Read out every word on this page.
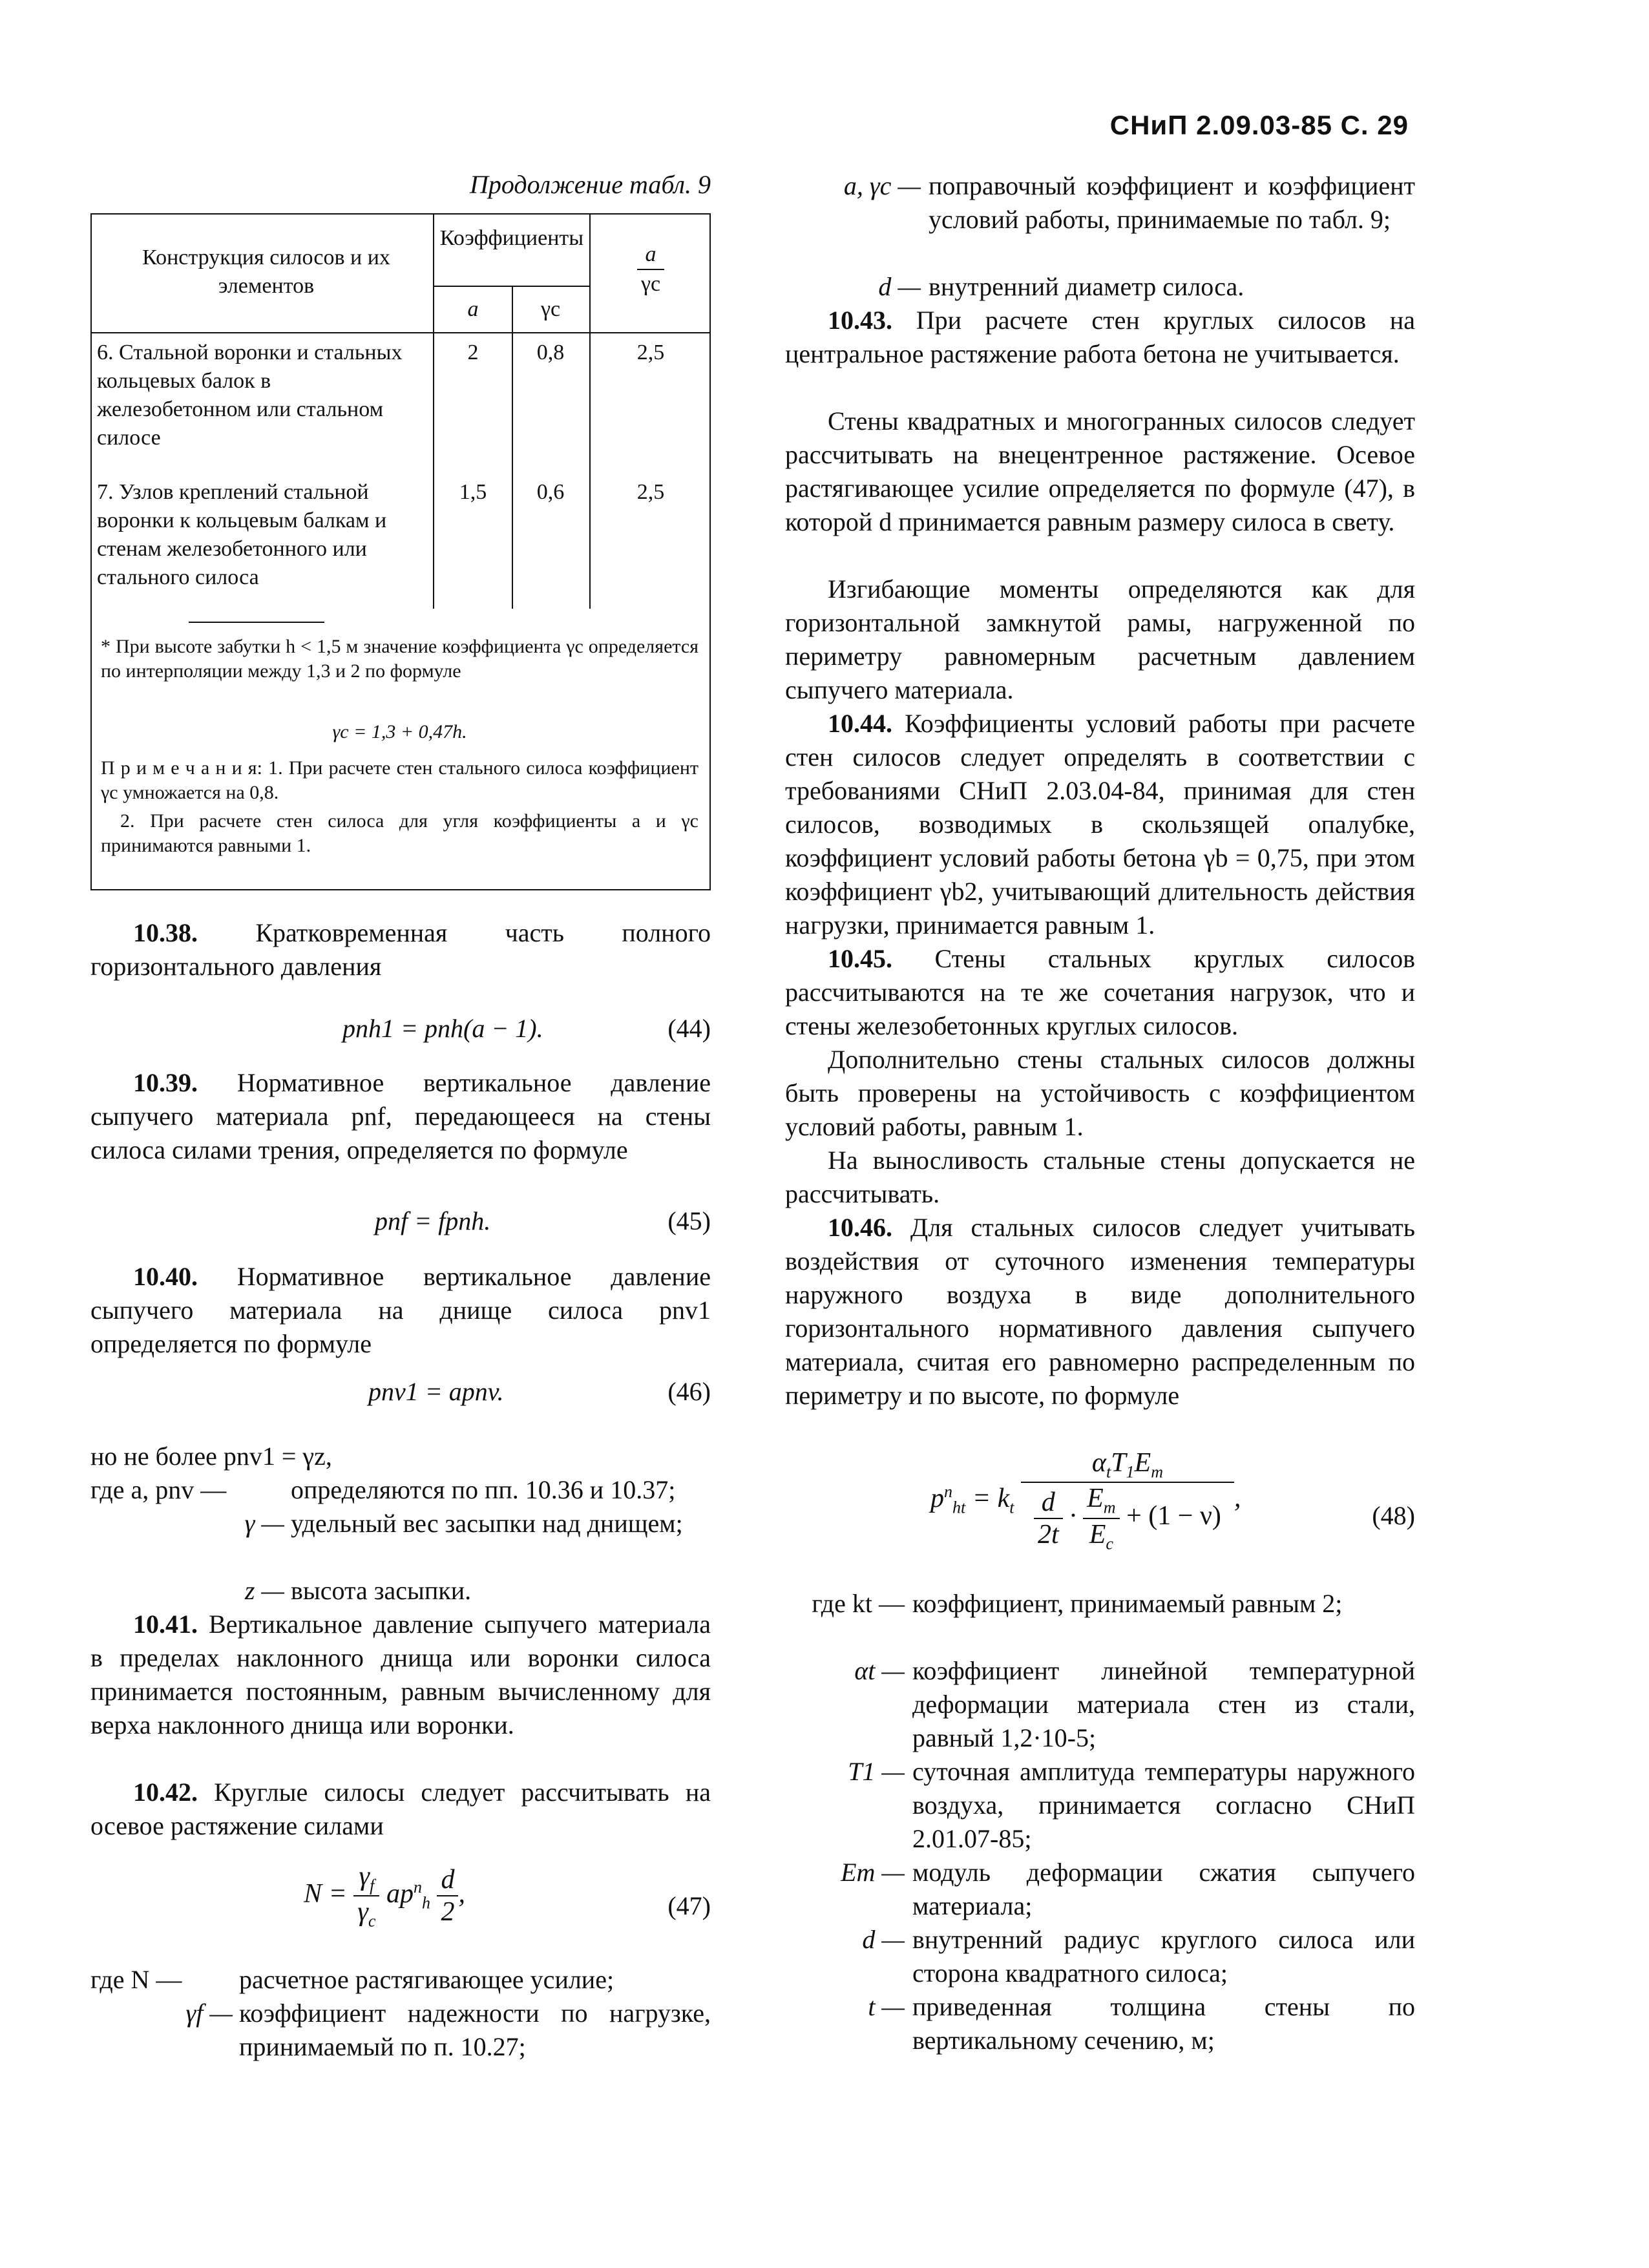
СНиП 2.09.03-85 С. 29
Продолжение табл. 9
Конструкция силосов и их элементов
Коэффициенты
a	γc
$\frac{a}{\gamma c}$
6. Стальной воронки и стальных кольцевых балок в железобетонном или стальном силосе
2	0,8	2,5
7. Узлов креплений стальной воронки к кольцевым балкам и стенам железобетонного или стального силоса
1,5	0,6	2,5
* При высоте забутки h < 1,5 м значение коэффициента γc определяется по интерполяции между 1,3 и 2 по формуле
γc = 1,3 + 0,47h.
П р и м е ч а н и я: 1. При расчете стен стального силоса коэффициент γc умножается на 0,8.
2. При расчете стен силоса для угля коэффициенты a и γc принимаются равными 1.

10.38. Кратковременная часть полного горизонтального давления

pnh1 = pnh(a − 1).	(44)

10.39. Нормативное вертикальное давление сыпучего материала pnf, передающееся на стены силоса силами трения, определяется по формуле

pnf = fpnh.	(45)

10.40. Нормативное вертикальное давление сыпучего материала на днище силоса pnv1 определяется по формуле

pnv1 = apnv.	(46)
но не более pnv1 = γz,
где a, pnv —	определяются по пп. 10.36 и 10.37;
γ — удельный вес засыпки над днищем;
z — высота засыпки.

10.41. Вертикальное давление сыпучего материала в пределах наклонного днища или воронки силоса принимается постоянным, равным вычисленному для верха наклонного днища или воронки.

10.42. Круглые силосы следует рассчитывать на осевое растяжение силами

$N = \frac{\gamma_f}{\gamma_c} ap^n_h \frac{d}{2}$ ,	(47)
где N —	расчетное растягивающее усилие;
γf — коэффициент надежности по нагрузке, принимаемый по п. 10.27;
a, γc — поправочный коэффициент и коэффициент условий работы, принимаемые по табл. 9;
d — внутренний диаметр силоса.

10.43. При расчете стен круглых силосов на центральное растяжение работа бетона не учитывается.

Стены квадратных и многогранных силосов следует рассчитывать на внецентренное растяжение. Осевое растягивающее усилие определяется по формуле (47), в которой d принимается равным размеру силоса в свету.

Изгибающие моменты определяются как для горизонтальной замкнутой рамы, нагруженной по периметру равномерным расчетным давлением сыпучего материала.

10.44. Коэффициенты условий работы при расчете стен силосов следует определять в соответствии с требованиями СНиП 2.03.04-84, принимая для стен силосов, возводимых в скользящей опалубке, коэффициент условий работы бетона γb = 0,75, при этом коэффициент γb2, учитывающий длительность действия нагрузки, принимается равным 1.

10.45. Стены стальных круглых силосов рассчитываются на те же сочетания нагрузок, что и стены железобетонных круглых силосов.

Дополнительно стены стальных силосов должны быть проверены на устойчивость с коэффициентом условий работы, равным 1.

На выносливость стальные стены допускается не рассчитывать.

10.46. Для стальных силосов следует учитывать воздействия от суточного изменения температуры наружного воздуха в виде дополнительного горизонтального нормативного давления сыпучего материала, считая его равномерно распределенным по периметру и по высоте, по формуле

$p^n_{ht} = k_t \frac{\alpha_tT_1E_m}{\frac{d}{2t} \cdot \frac{E_m}{E_c} + (1 - \nu)}$ ,
(48)
где kt — коэффициент, принимаемый равным 2;
αt — коэффициент линейной температурной деформации материала стен из стали, равный 1,2·10-5;
T1 — суточная амплитуда температуры наружного воздуха, принимается согласно СНиП 2.01.07-85;
Em — модуль деформации сжатия сыпучего материала;
d — внутренний радиус круглого силоса или сторона квадратного силоса;
t — приведенная толщина стены по вертикальному сечению, м;
